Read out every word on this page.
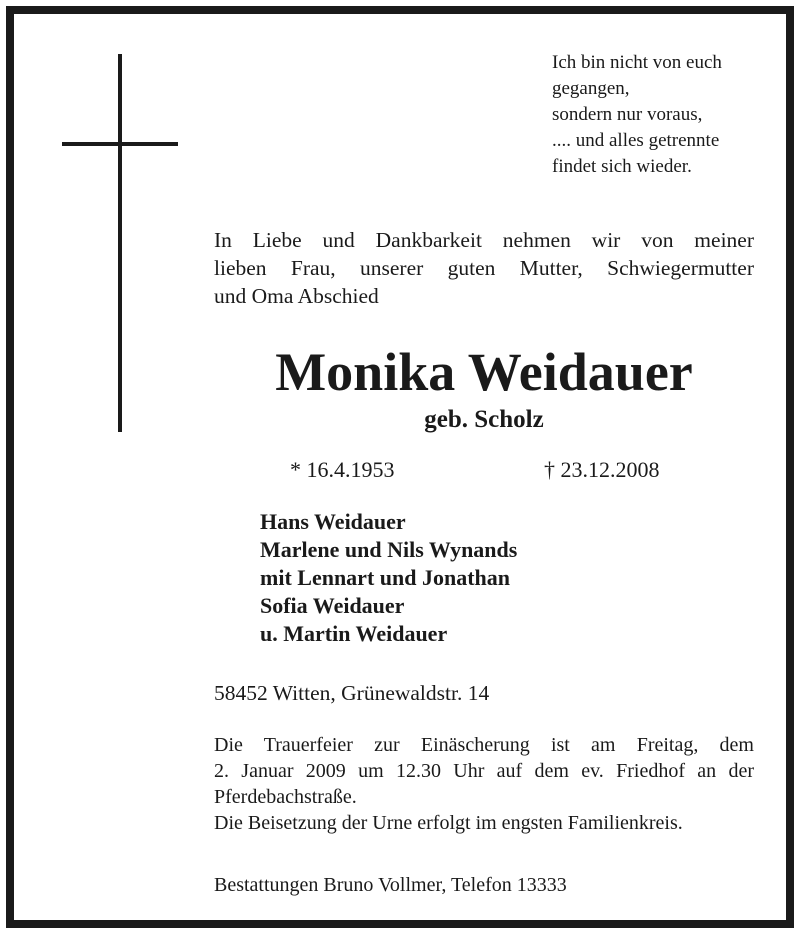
Ich bin nicht von euch
gegangen,
sondern nur voraus,
.... und alles getrennte
findet sich wieder.
In Liebe und Dankbarkeit nehmen wir von meiner
lieben Frau, unserer guten Mutter, Schwiegermutter
und Oma Abschied
Monika Weidauer
geb. Scholz
* 16.4.1953	† 23.12.2008
Hans Weidauer
Marlene und Nils Wynands
mit Lennart und Jonathan
Sofia Weidauer
u. Martin Weidauer
58452 Witten, Grünewaldstr. 14
Die Trauerfeier zur Einäscherung ist am Freitag, dem
2. Januar 2009 um 12.30 Uhr auf dem ev. Friedhof an der
Pferdebachstraße.
Die Beisetzung der Urne erfolgt im engsten Familienkreis.
Bestattungen Bruno Vollmer, Telefon 13333
